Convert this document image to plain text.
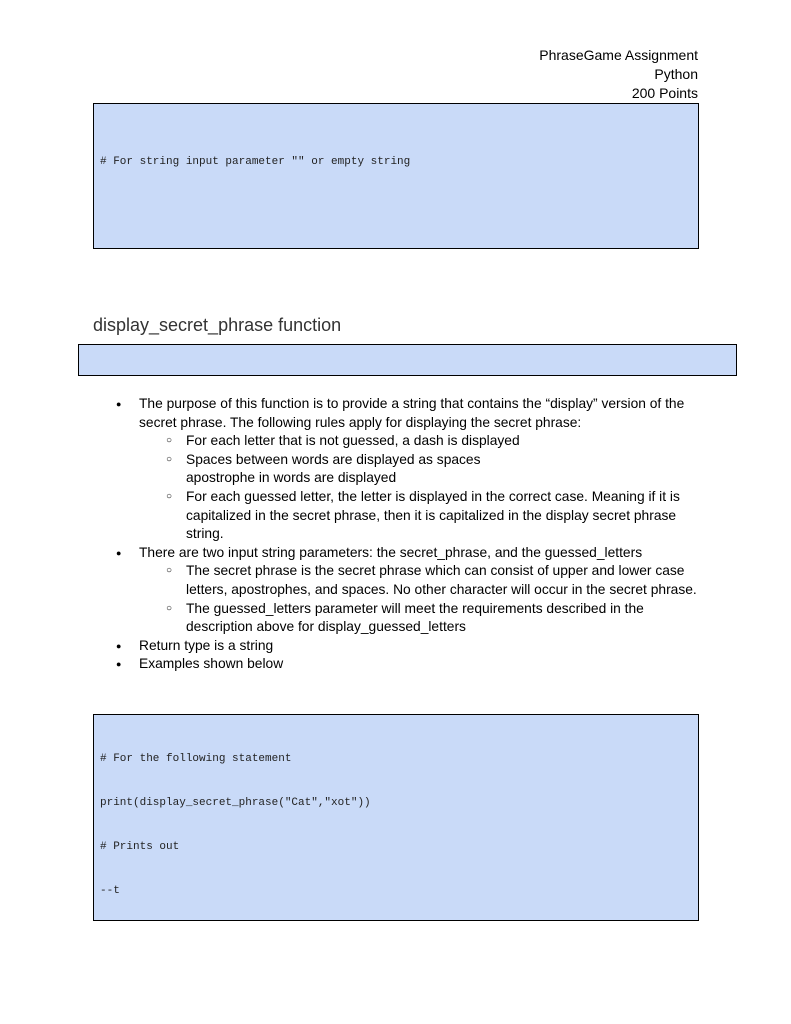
PhraseGame Assignment
Python
200 Points

# For string input parameter "" or empty string

display_secret_phrase function

● The purpose of this function is to provide a string that contains the “display” version of the secret phrase. The following rules apply for displaying the secret phrase:
○ For each letter that is not guessed, a dash is displayed
○ Spaces between words are displayed as spaces
apostrophe in words are displayed
○ For each guessed letter, the letter is displayed in the correct case. Meaning if it is capitalized in the secret phrase, then it is capitalized in the display secret phrase string.
● There are two input string parameters: the secret_phrase, and the guessed_letters
○ The secret phrase is the secret phrase which can consist of upper and lower case letters, apostrophes, and spaces. No other character will occur in the secret phrase.
○ The guessed_letters parameter will meet the requirements described in the description above for display_guessed_letters
● Return type is a string
● Examples shown below

# For the following statement

print(display_secret_phrase("Cat","xot"))

# Prints out

--t
